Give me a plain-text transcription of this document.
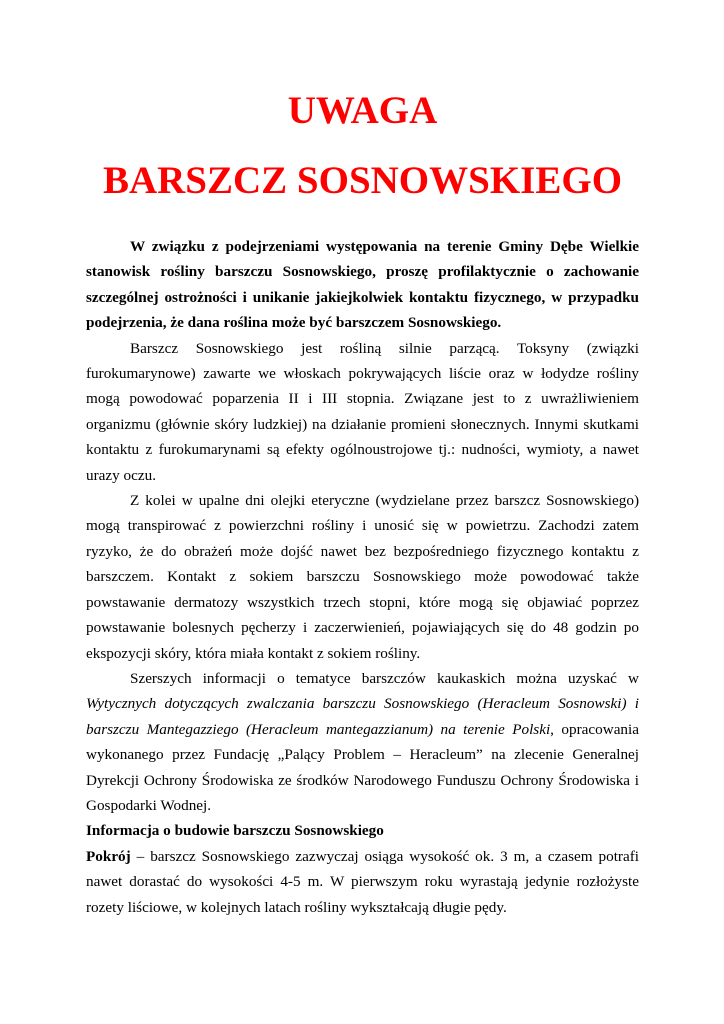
UWAGA
BARSZCZ SOSNOWSKIEGO

W związku z podejrzeniami występowania na terenie Gminy Dębe Wielkie stanowisk rośliny barszczu Sosnowskiego, proszę profilaktycznie o zachowanie szczególnej ostrożności i unikanie jakiejkolwiek kontaktu fizycznego, w przypadku podejrzenia, że dana roślina może być barszczem Sosnowskiego.

Barszcz Sosnowskiego jest rośliną silnie parzącą. Toksyny (związki furokumarynowe) zawarte we włoskach pokrywających liście oraz w łodydze rośliny mogą powodować poparzenia II i III stopnia. Związane jest to z uwrażliwieniem organizmu (głównie skóry ludzkiej) na działanie promieni słonecznych. Innymi skutkami kontaktu z furokumarynami są efekty ogólnoustrojowe tj.: nudności, wymioty, a nawet urazy oczu.

Z kolei w upalne dni olejki eteryczne (wydzielane przez barszcz Sosnowskiego) mogą transpirować z powierzchni rośliny i unosić się w powietrzu. Zachodzi zatem ryzyko, że do obrażeń może dojść nawet bez bezpośredniego fizycznego kontaktu z barszczem. Kontakt z sokiem barszczu Sosnowskiego może powodować także powstawanie dermatozy wszystkich trzech stopni, które mogą się objawiać poprzez powstawanie bolesnych pęcherzy i zaczerwienień, pojawiających się do 48 godzin po ekspozycji skóry, która miała kontakt z sokiem rośliny.

Szerszych informacji o tematyce barszczów kaukaskich można uzyskać w Wytycznych dotyczących zwalczania barszczu Sosnowskiego (Heracleum Sosnowski) i barszczu Mantegazziego (Heracleum mantegazzianum) na terenie Polski, opracowania wykonanego przez Fundację „Palący Problem – Heracleum” na zlecenie Generalnej Dyrekcji Ochrony Środowiska ze środków Narodowego Funduszu Ochrony Środowiska i Gospodarki Wodnej.

Informacja o budowie barszczu Sosnowskiego

Pokrój – barszcz Sosnowskiego zazwyczaj osiąga wysokość ok. 3 m, a czasem potrafi nawet dorastać do wysokości 4-5 m. W pierwszym roku wyrastają jedynie rozłożyste rozety liściowe, w kolejnych latach rośliny wykształcają długie pędy.
